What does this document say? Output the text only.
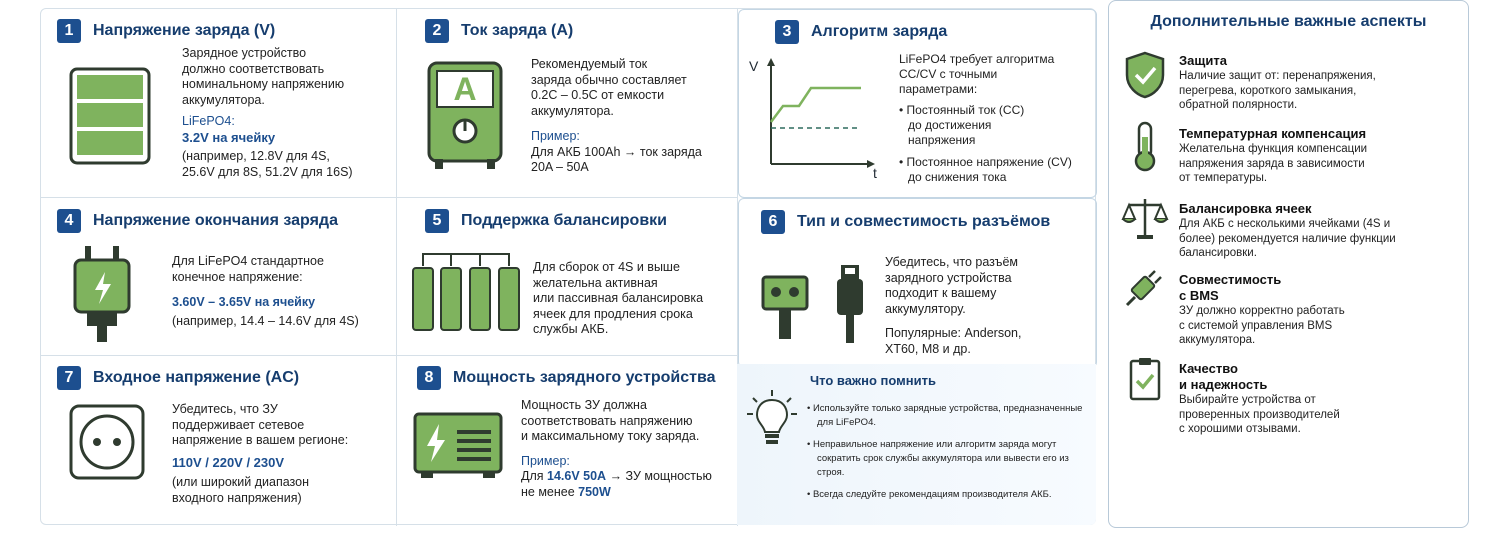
1	Напряжение заряда (V)

Зарядное устройство

должно соответствовать

номинальному напряжению

аккумулятора.

LiFePO4:

3.2V на ячейку

(например, 12.8V для 4S,

25.6V для 8S, 51.2V для 16S)

2	Ток заряда (A)
A

Рекомендуемый ток

заряда обычно составляет

0.2C – 0.5C от емкости

аккумулятора.

Пример:

Для АКБ 100Ah → ток заряда

20A – 50A

3	Алгоритм заряда
V
t

LiFePO4 требует алгоритма

CC/CV с точными

параметрами:

• Постоянный ток (CC)

до достижения

напряжения

• Постоянное напряжение (CV)

до снижения тока

4	Напряжение окончания заряда

Для LiFePO4 стандартное

конечное напряжение:

3.60V – 3.65V на ячейку

(например, 14.4 – 14.6V для 4S)

5	Поддержка балансировки

Для сборок от 4S и выше

желательна активная

или пассивная балансировка

ячеек для продления срока

службы АКБ.

6	Тип и совместимость разъёмов

Убедитесь, что разъём

зарядного устройства

подходит к вашему

аккумулятору.

Популярные: Anderson,

XT60, M8 и др.

7	Входное напряжение (AC)

Убедитесь, что ЗУ

поддерживает сетевое

напряжение в вашем регионе:

110V / 220V / 230V

(или широкий диапазон

входного напряжения)

8	Мощность зарядного устройства

Мощность ЗУ должна

соответствовать напряжению

и максимальному току заряда.

Пример:

Для 14.6V 50A → ЗУ мощностью

не менее 750W

Что важно помнить
• Используйте только зарядные устройства, предназначенные
для LiFePO4.
• Неправильное напряжение или алгоритм заряда могут
сократить срок службы аккумулятора или вывести его из строя.
• Всегда следуйте рекомендациям производителя АКБ.
Дополнительные важные аспекты
Защита
Наличие защит от: перенапряжения,
перегрева, короткого замыкания,
обратной полярности.
Температурная компенсация
Желательна функция компенсации
напряжения заряда в зависимости
от температуры.
Балансировка ячеек
Для АКБ с несколькими ячейками (4S и
более) рекомендуется наличие функции
балансировки.
Совместимость
с BMS
ЗУ должно корректно работать
с системой управления BMS
аккумулятора.
Качество
и надежность
Выбирайте устройства от
проверенных производителей
с хорошими отзывами.
